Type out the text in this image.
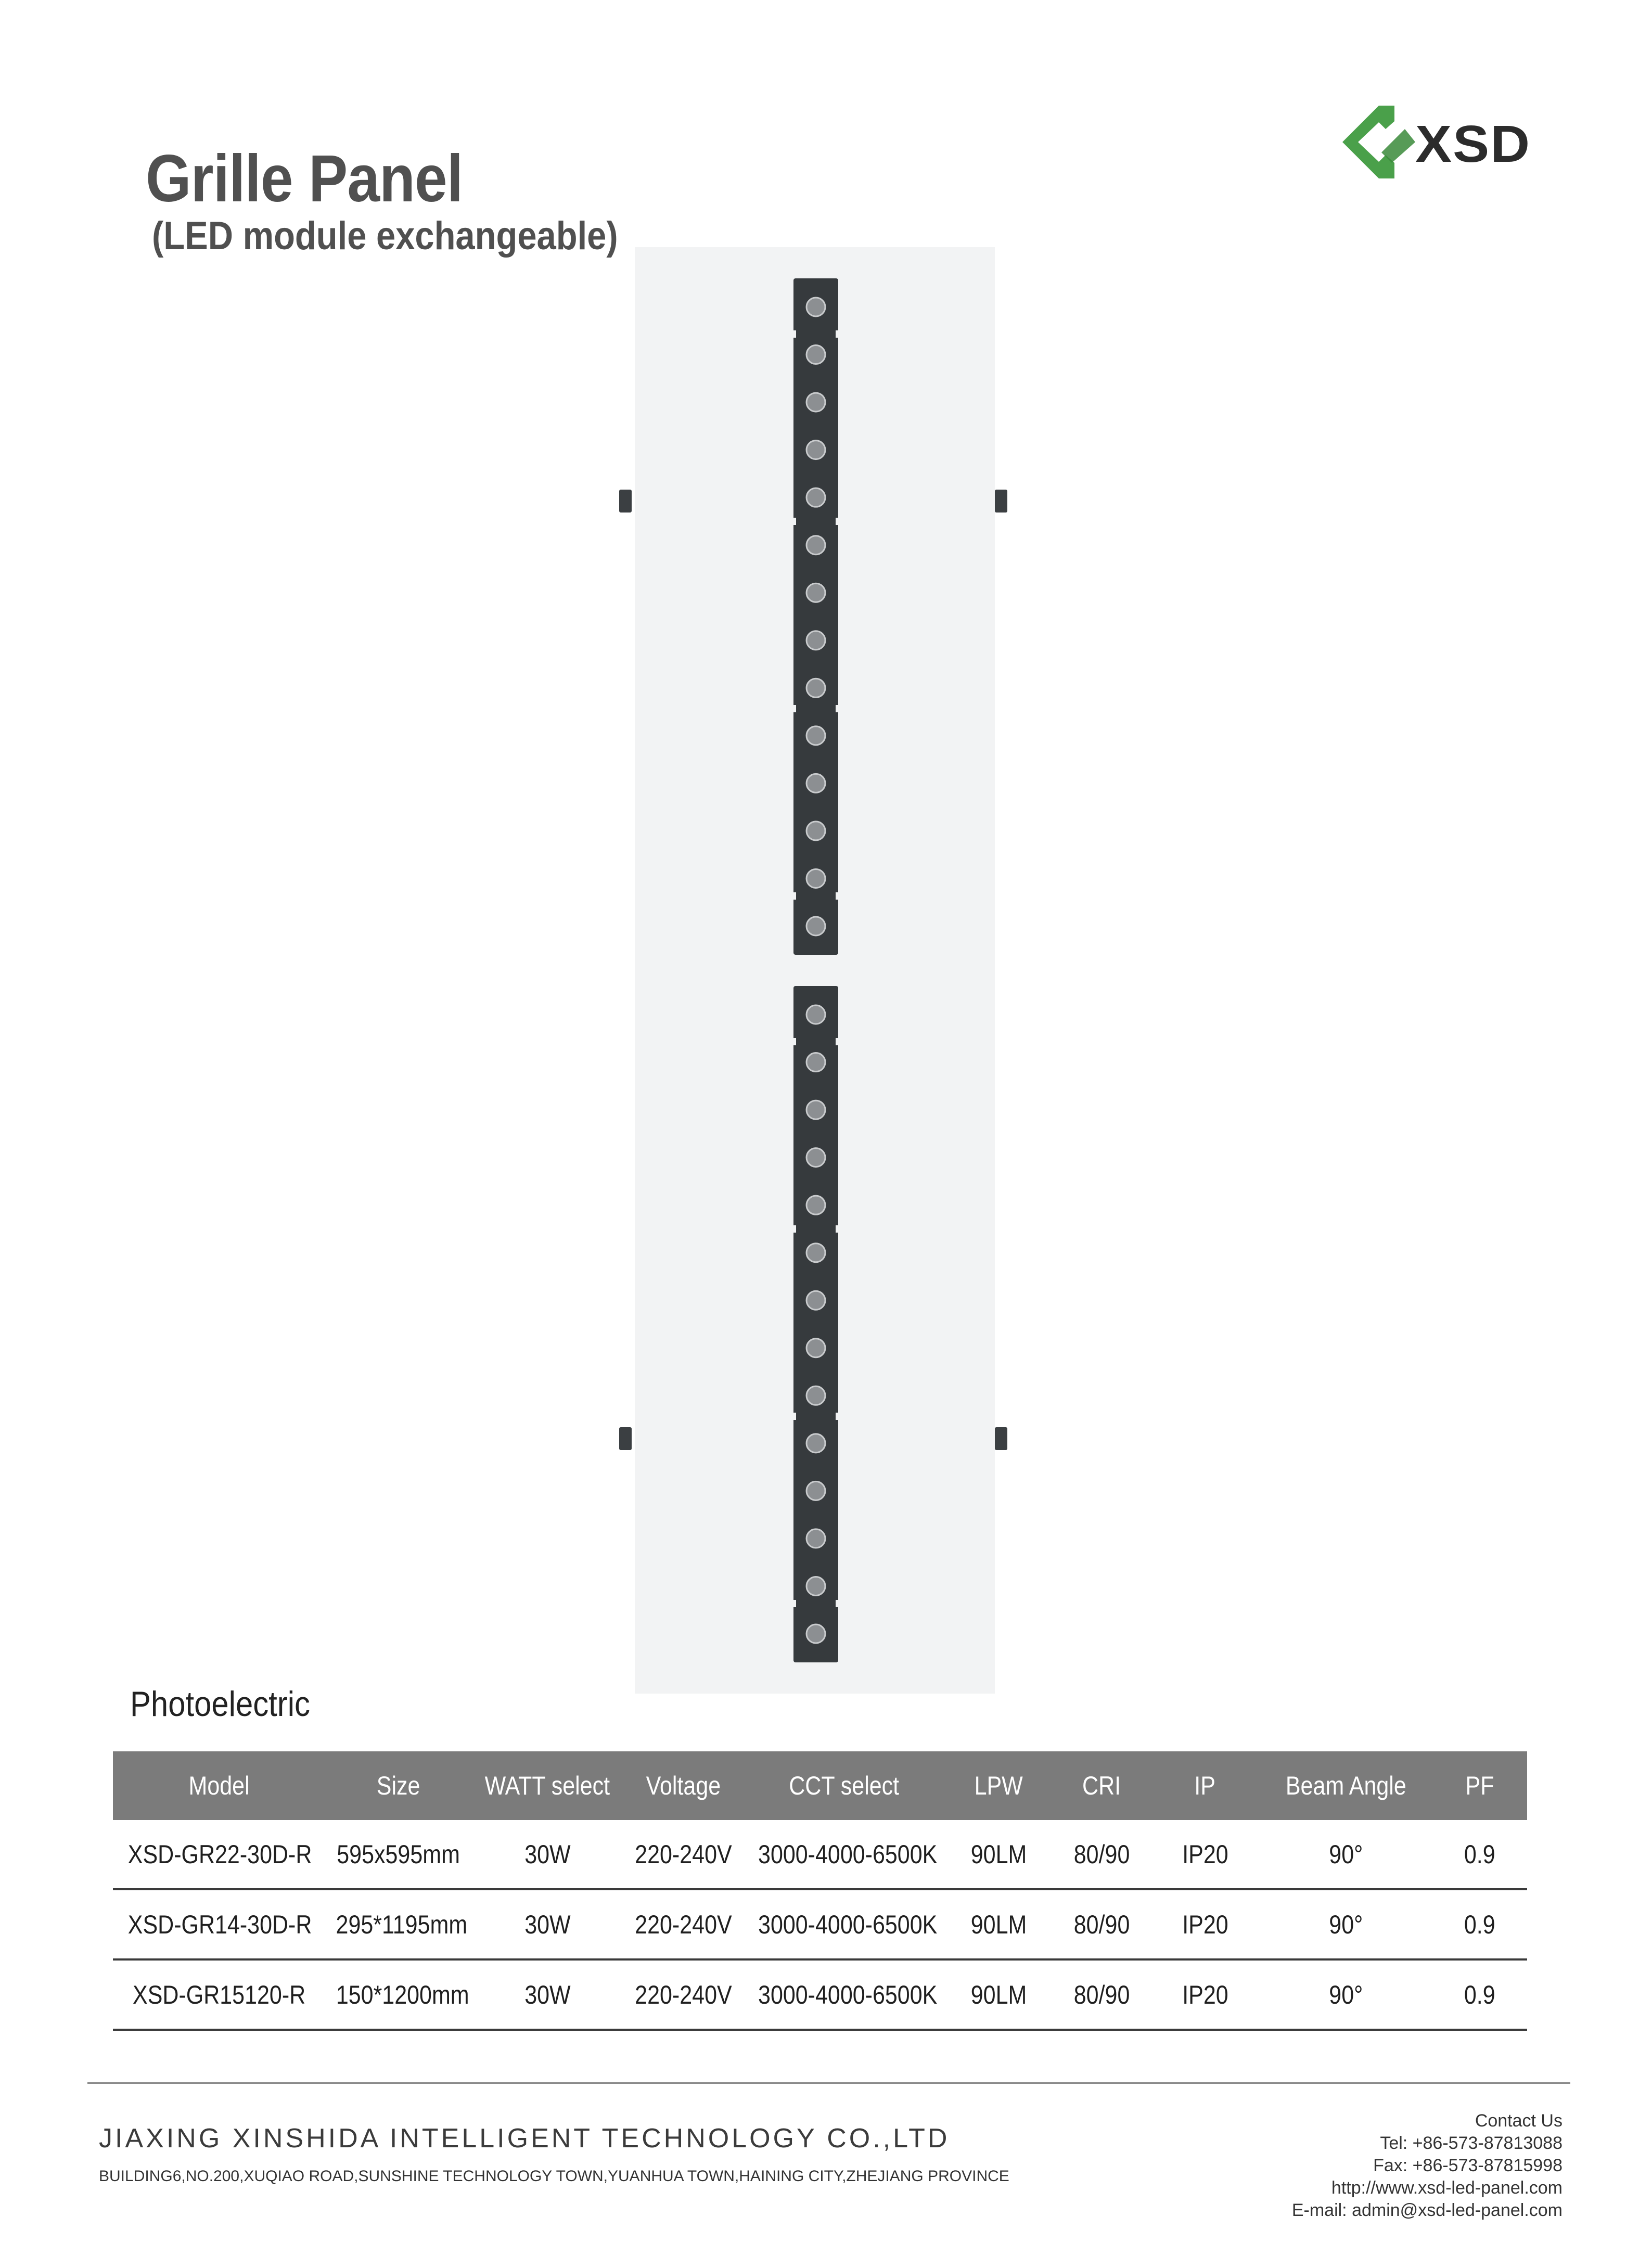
Grille Panel
(LED module exchangeable)
XSD
Photoelectric
Model	Size	WATT select	Voltage	CCT select	LPW	CRI	IP	Beam Angle	PF
XSD-GR22-30D-R	595x595mm	30W	220-240V	3000-4000-6500K	90LM	80/90	IP20	90°	0.9
XSD-GR14-30D-R	295*1195mm	30W	220-240V	3000-4000-6500K	90LM	80/90	IP20	90°	0.9
XSD-GR15120-R	150*1200mm	30W	220-240V	3000-4000-6500K	90LM	80/90	IP20	90°	0.9
JIAXING XINSHIDA INTELLIGENT TECHNOLOGY CO.,LTD
BUILDING6,NO.200,XUQIAO ROAD,SUNSHINE TECHNOLOGY TOWN,YUANHUA TOWN,HAINING CITY,ZHEJIANG PROVINCE
Contact Us
Tel: +86-573-87813088
Fax: +86-573-87815998
http://www.xsd-led-panel.com
E-mail: admin@xsd-led-panel.com
